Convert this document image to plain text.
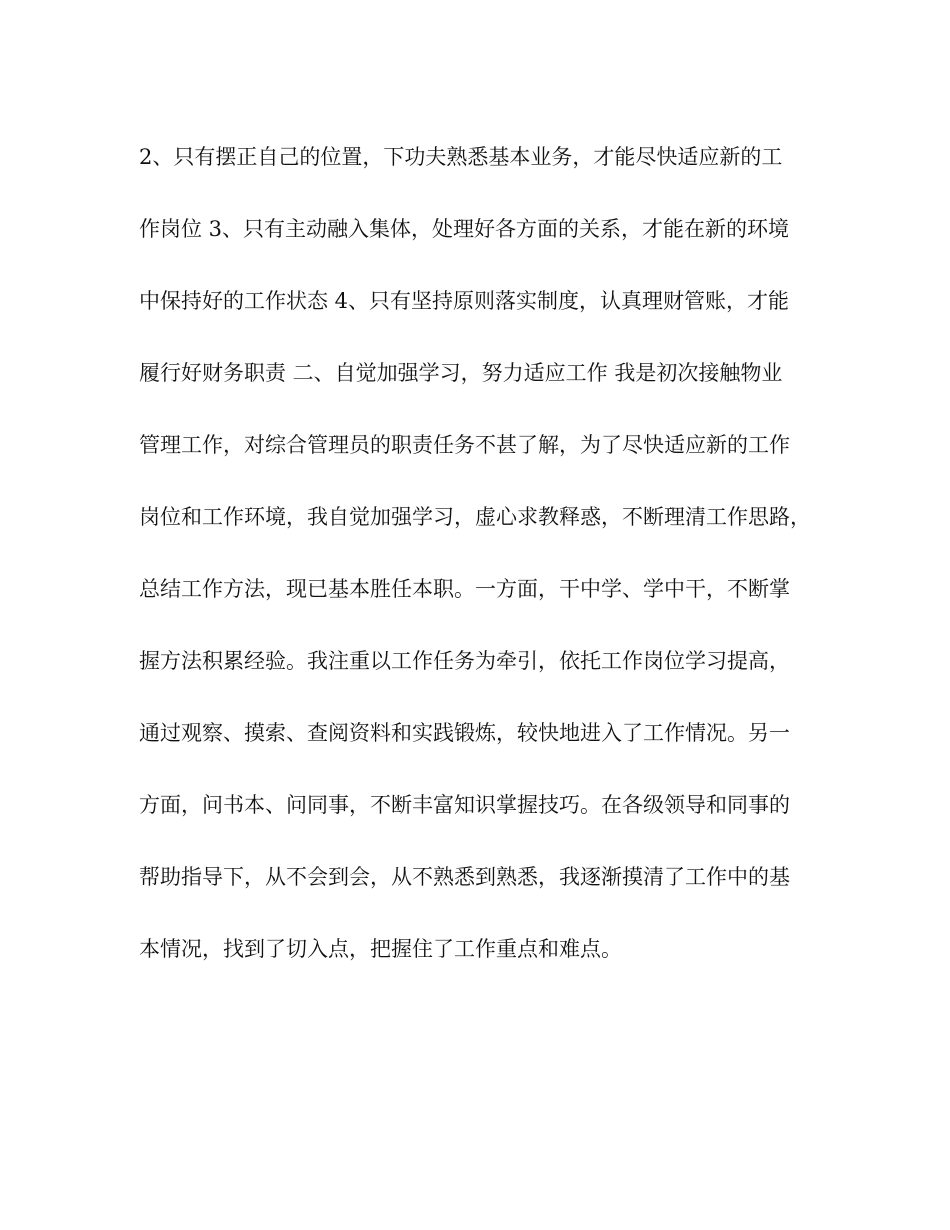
2、只有摆正自己的位置，下功夫熟悉基本业务，才能尽快适应新的工
作岗位 3、只有主动融入集体，处理好各方面的关系，才能在新的环境
中保持好的工作状态 4、只有坚持原则落实制度，认真理财管账，才能
履行好财务职责 二、自觉加强学习，努力适应工作 我是初次接触物业
管理工作，对综合管理员的职责任务不甚了解，为了尽快适应新的工作
岗位和工作环境，我自觉加强学习，虚心求教释惑，不断理清工作思路，
总结工作方法，现已基本胜任本职。一方面，干中学、学中干，不断掌
握方法积累经验。我注重以工作任务为牵引，依托工作岗位学习提高，
通过观察、摸索、查阅资料和实践锻炼，较快地进入了工作情况。另一
方面，问书本、问同事，不断丰富知识掌握技巧。在各级领导和同事的
帮助指导下，从不会到会，从不熟悉到熟悉，我逐渐摸清了工作中的基
本情况，找到了切入点，把握住了工作重点和难点。
